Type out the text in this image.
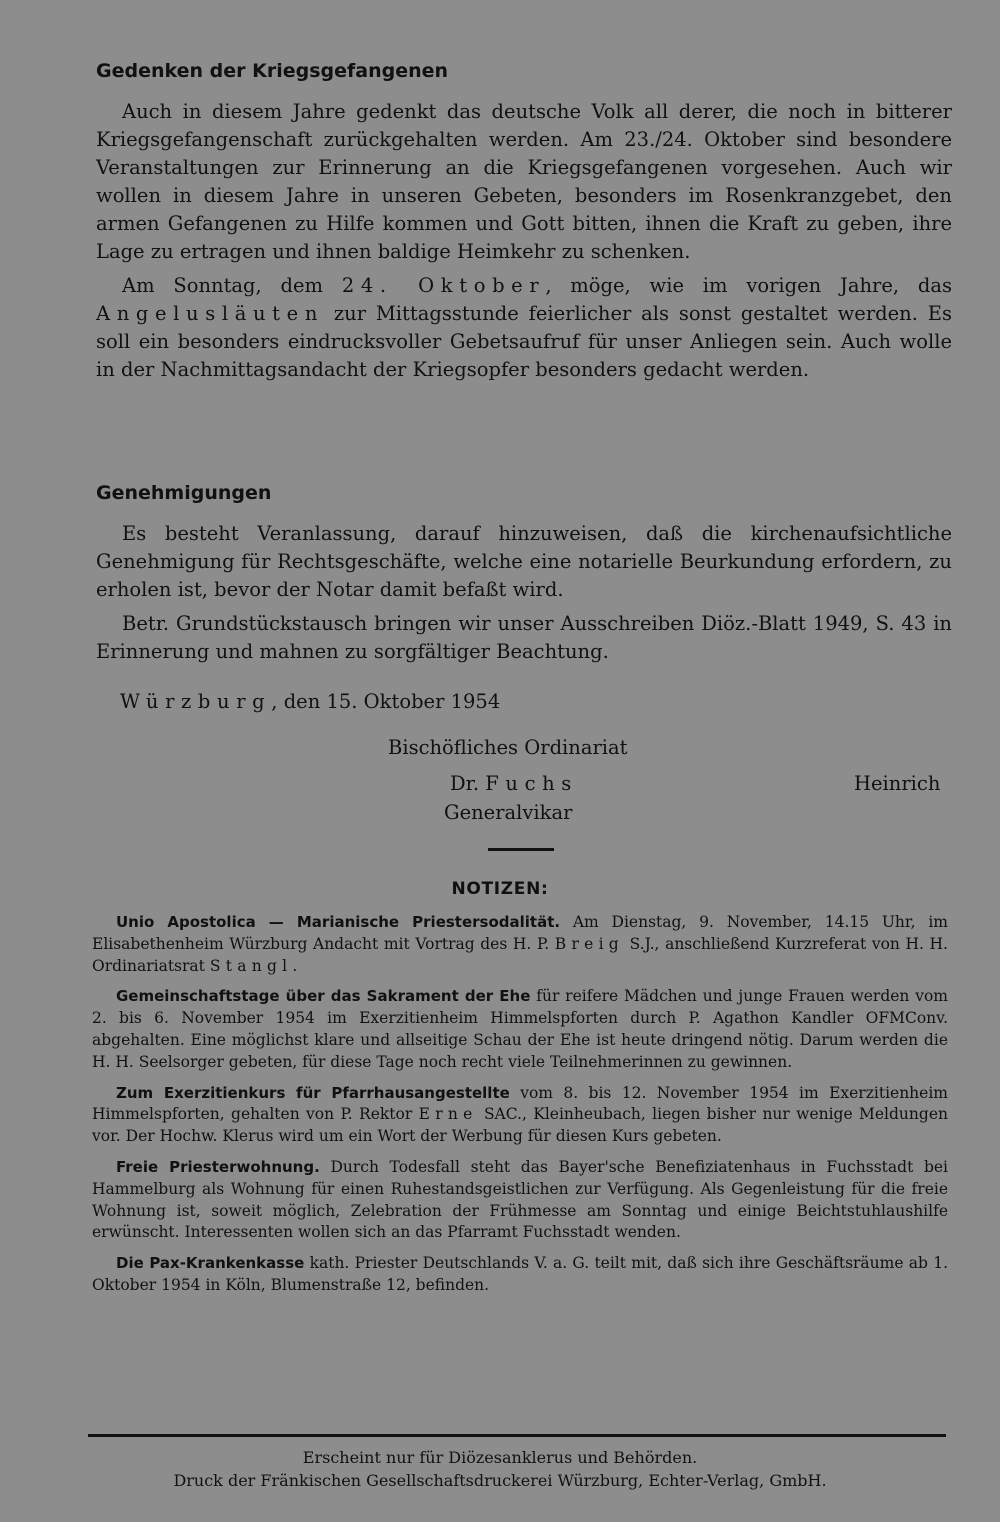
Gedenken der Kriegsgefangenen

Auch in diesem Jahre gedenkt das deutsche Volk all derer, die noch in bitterer Kriegsgefangenschaft zurückgehalten werden. Am 23./24. Oktober sind besondere Veranstaltungen zur Erinnerung an die Kriegsgefangenen vorgesehen. Auch wir wollen in diesem Jahre in unseren Gebeten, besonders im Rosenkranzgebet, den armen Gefangenen zu Hilfe kommen und Gott bitten, ihnen die Kraft zu geben, ihre Lage zu ertragen und ihnen baldige Heimkehr zu schenken.

Am Sonntag, dem 24. Oktober, möge, wie im vorigen Jahre, das Angelusläuten zur Mittagsstunde feierlicher als sonst gestaltet werden. Es soll ein besonders eindrucksvoller Gebetsaufruf für unser Anliegen sein. Auch wolle in der Nachmittagsandacht der Kriegsopfer besonders gedacht werden.

Genehmigungen

Es besteht Veranlassung, darauf hinzuweisen, daß die kirchenaufsichtliche Genehmigung für Rechtsgeschäfte, welche eine notarielle Beurkundung erfordern, zu erholen ist, bevor der Notar damit befaßt wird.

Betr. Grundstückstausch bringen wir unser Ausschreiben Diöz.-Blatt 1949, S. 43 in Erinnerung und mahnen zu sorgfältiger Beachtung.

Würzburg, den 15. Oktober 1954
Bischöfliches Ordinariat
Dr. Fuchs	Heinrich
Generalvikar
NOTIZEN:

Unio Apostolica — Marianische Priestersodalität. Am Dienstag, 9. November, 14.15 Uhr, im Elisabethenheim Würzburg Andacht mit Vortrag des H. P. Breig S.J., anschließend Kurzreferat von H. H. Ordinariatsrat Stangl.

Gemeinschaftstage über das Sakrament der Ehe für reifere Mädchen und junge Frauen werden vom 2. bis 6. November 1954 im Exerzitienheim Himmelspforten durch P. Agathon Kandler OFMConv. abgehalten. Eine möglichst klare und allseitige Schau der Ehe ist heute dringend nötig. Darum werden die H. H. Seelsorger gebeten, für diese Tage noch recht viele Teilnehmerinnen zu gewinnen.

Zum Exerzitienkurs für Pfarrhausangestellte vom 8. bis 12. November 1954 im Exerzitienheim Himmelspforten, gehalten von P. Rektor Erne SAC., Kleinheubach, liegen bisher nur wenige Meldungen vor. Der Hochw. Klerus wird um ein Wort der Werbung für diesen Kurs gebeten.

Freie Priesterwohnung. Durch Todesfall steht das Bayer'sche Benefiziatenhaus in Fuchsstadt bei Hammelburg als Wohnung für einen Ruhestandsgeistlichen zur Verfügung. Als Gegenleistung für die freie Wohnung ist, soweit möglich, Zelebration der Frühmesse am Sonntag und einige Beichtstuhlaushilfe erwünscht. Interessenten wollen sich an das Pfarramt Fuchsstadt wenden.

Die Pax-Krankenkasse kath. Priester Deutschlands V. a. G. teilt mit, daß sich ihre Geschäftsräume ab 1. Oktober 1954 in Köln, Blumenstraße 12, befinden.

Erscheint nur für Diözesanklerus und Behörden.
Druck der Fränkischen Gesellschaftsdruckerei Würzburg, Echter-Verlag, GmbH.
